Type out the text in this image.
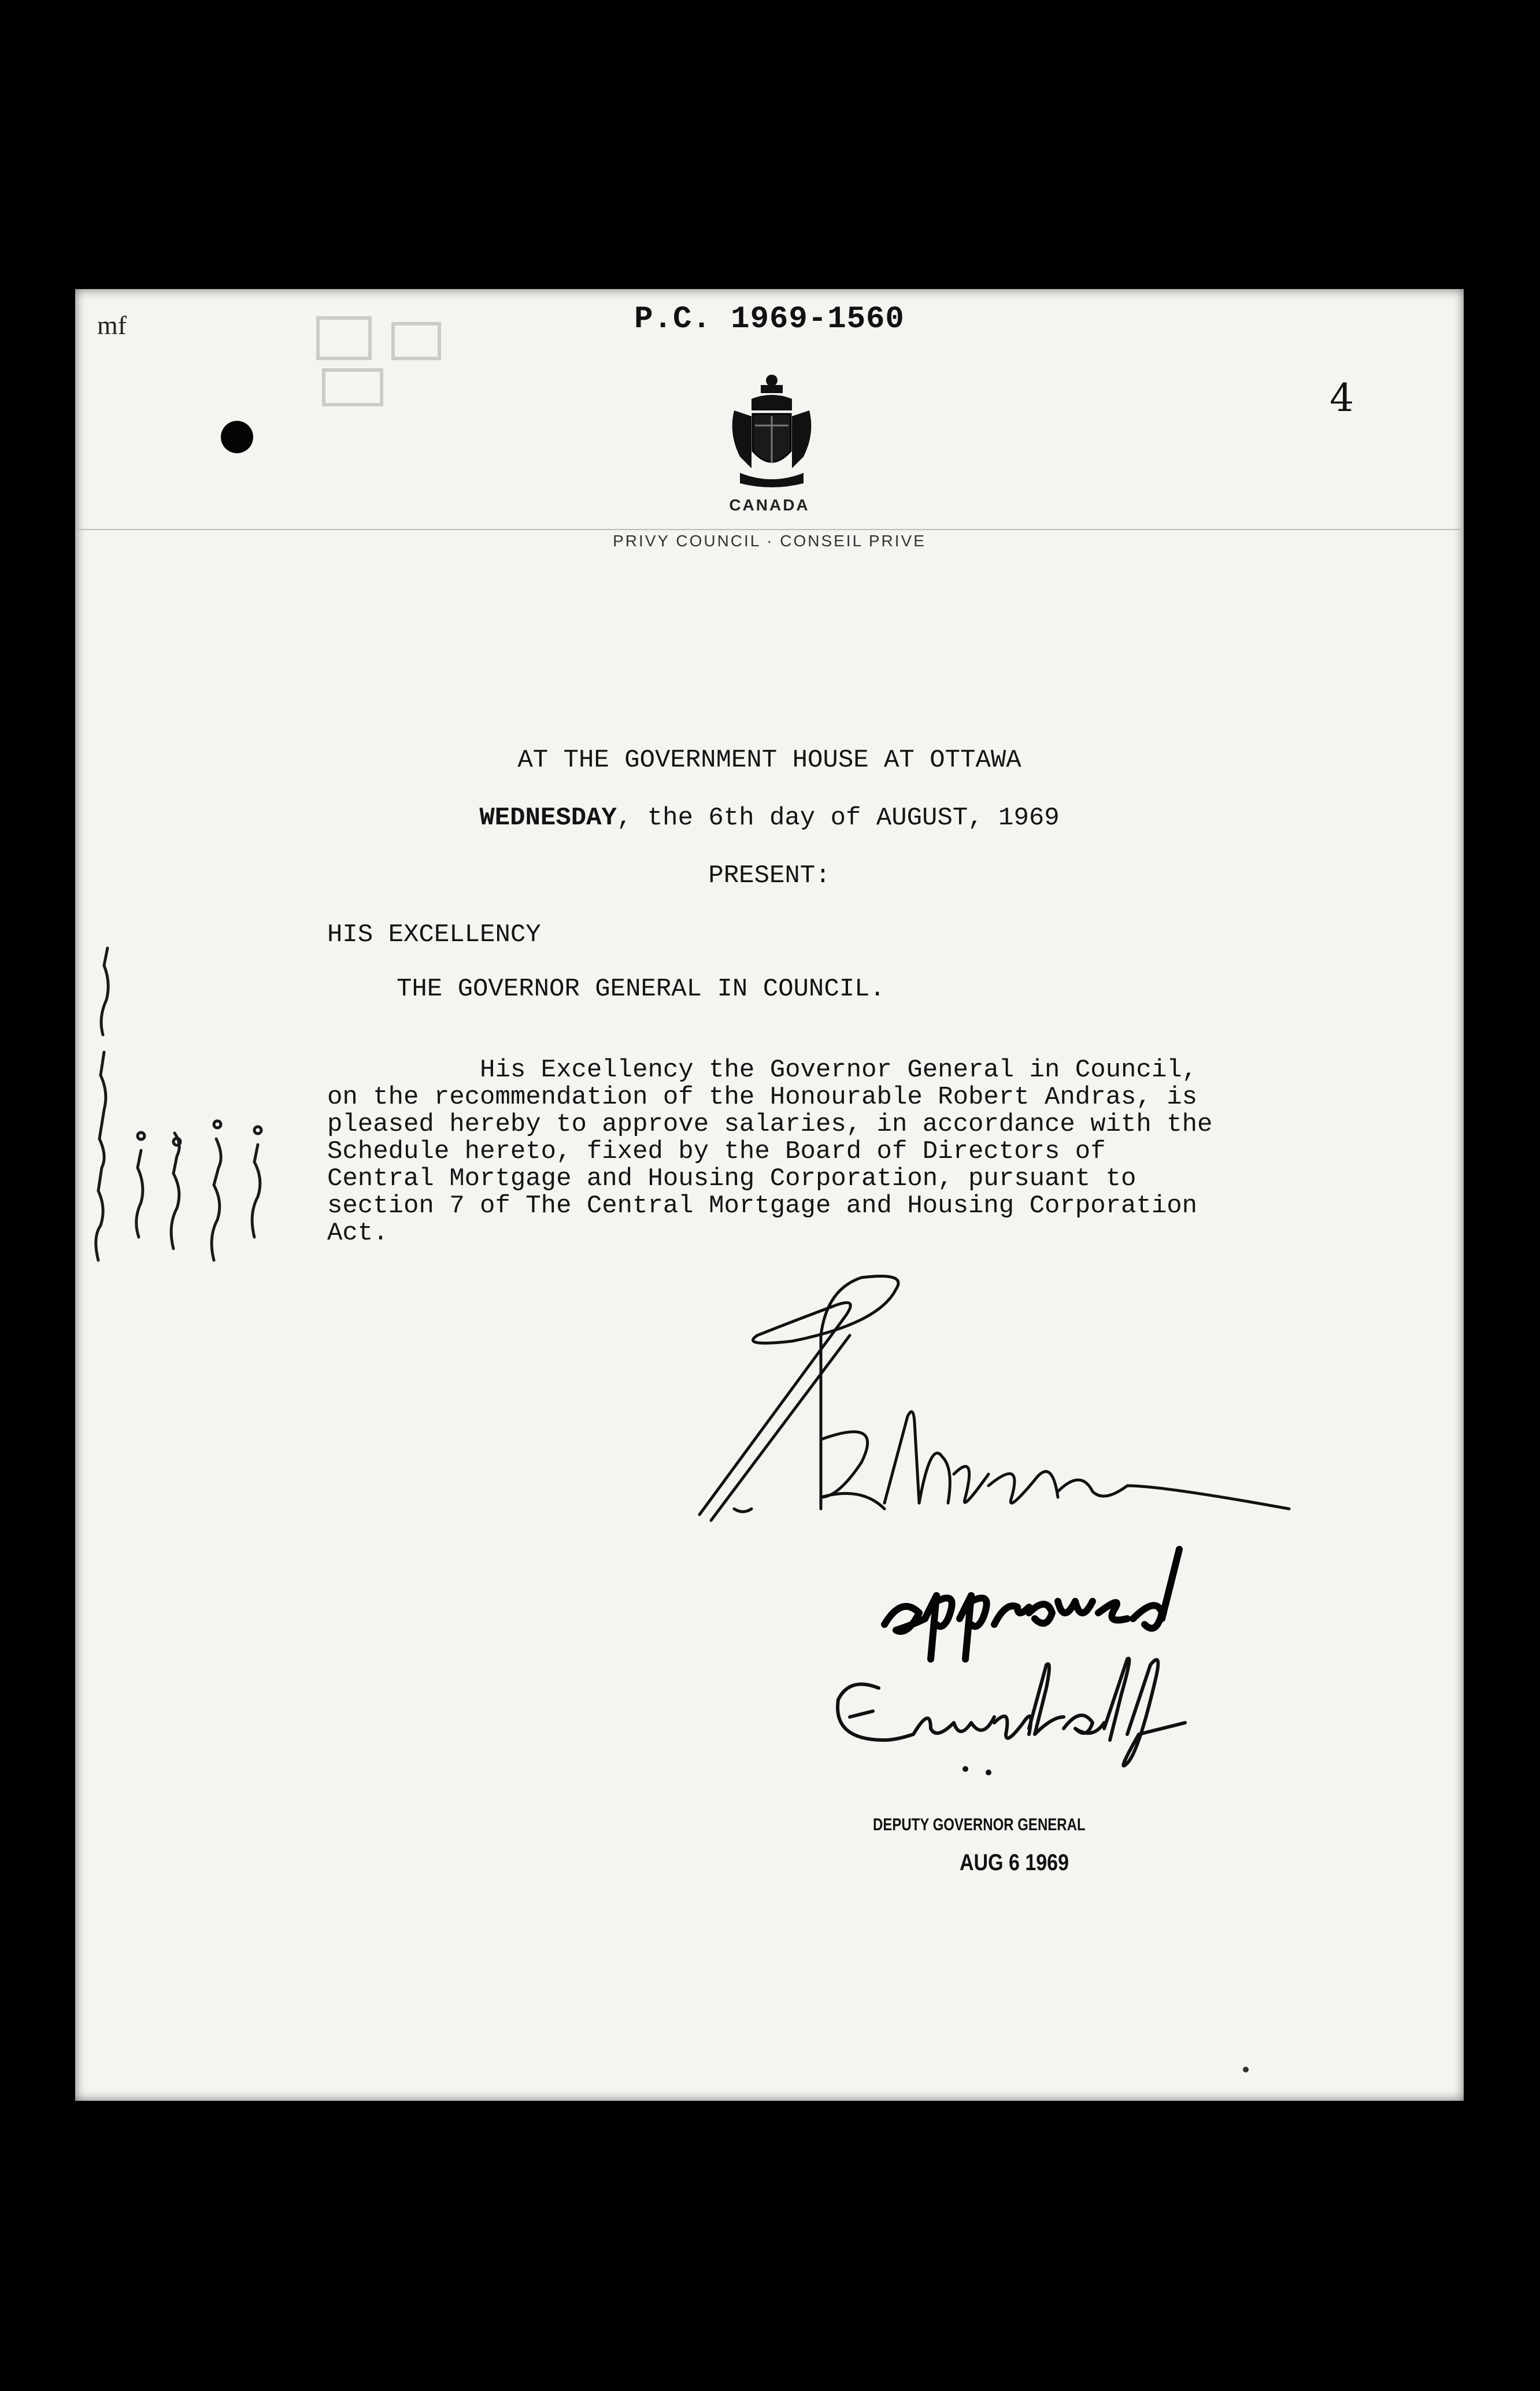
mf	P.C. 1969-1560
4
CANADA
PRIVY COUNCIL · CONSEIL PRIVE
AT THE GOVERNMENT HOUSE AT OTTAWA
WEDNESDAY, the 6th day of AUGUST, 1969
PRESENT:
HIS EXCELLENCY
THE GOVERNOR GENERAL IN COUNCIL.
His Excellency the Governor General in Council,
on the recommendation of the Honourable Robert Andras, is
pleased hereby to approve salaries, in accordance with the
Schedule hereto, fixed by the Board of Directors of
Central Mortgage and Housing Corporation, pursuant to
section 7 of The Central Mortgage and Housing Corporation
Act.
DEPUTY GOVERNOR GENERAL
AUG 6 1969
